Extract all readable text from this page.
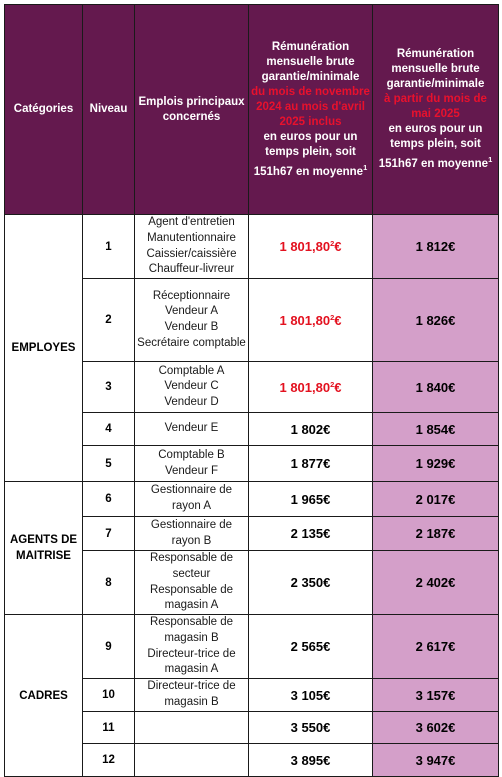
Catégories	Niveau	Emplois principaux concernés	Rémunération mensuelle brute garantie/minimale
du mois de novembre 2024 au mois d'avril 2025 inclus
en euros pour un temps plein, soit 151h67 en moyenne$^1$	Rémunération mensuelle brute garantie/minimale
à partir du mois de mai 2025
en euros pour un temps plein, soit 151h67 en moyenne$^1$
EMPLOYES	1	Agent d'entretien
Manutentionnaire
Caissier/caissière
Chauffeur-livreur	1 801,80$^2$€	1 812€
	2	Réceptionnaire
Vendeur A
Vendeur B
Secrétaire comptable	1 801,80$^2$€	1 826€
	3	Comptable A
Vendeur C
Vendeur D	1 801,80$^2$€	1 840€
	4	Vendeur E	1 802€	1 854€
	5	Comptable B
Vendeur F	1 877€	1 929€
AGENTS DE MAITRISE	6	Gestionnaire de rayon A	1 965€	2 017€
	7	Gestionnaire de rayon B	2 135€	2 187€
	8	Responsable de secteur
Responsable de magasin A	2 350€	2 402€
CADRES	9	Responsable de magasin B
Directeur-trice de magasin A	2 565€	2 617€
	10	Directeur-trice de magasin B	3 105€	3 157€
	11		3 550€	3 602€
	12		3 895€	3 947€
